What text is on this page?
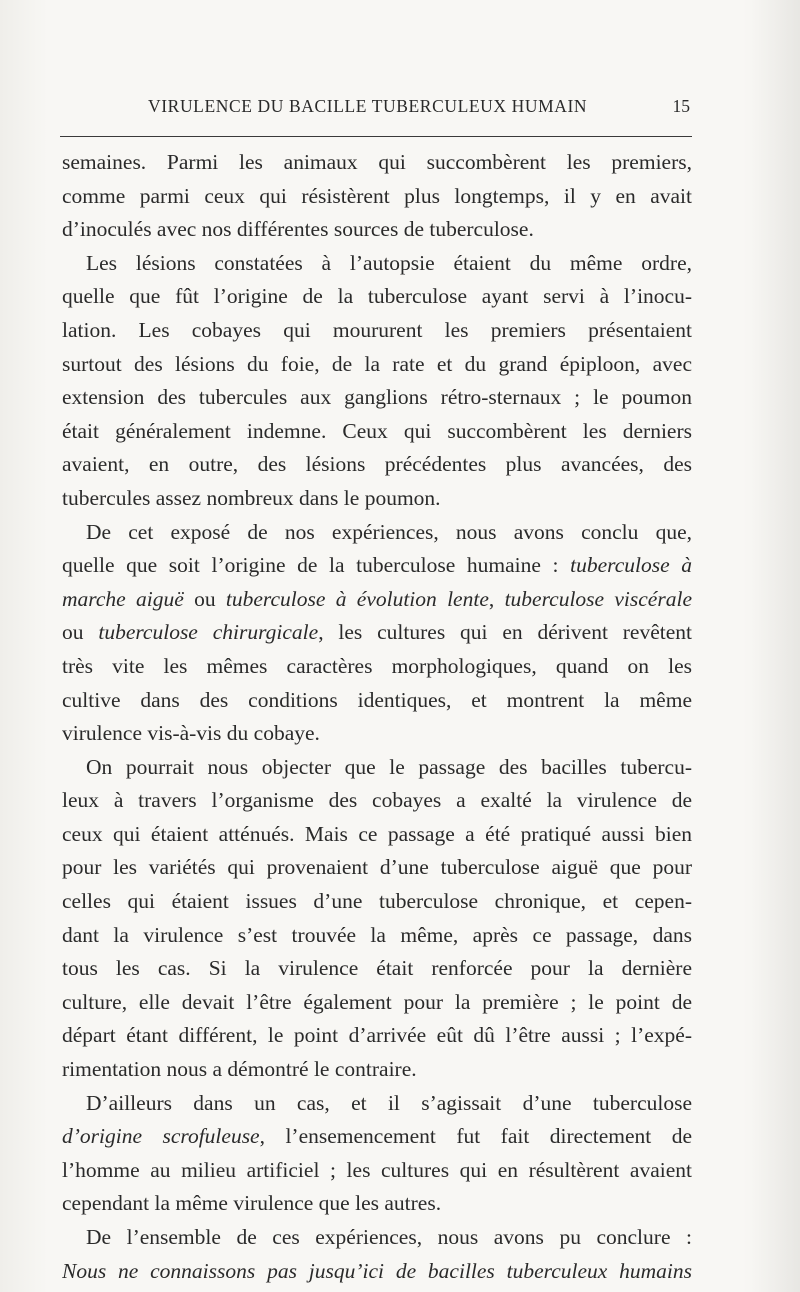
VIRULENCE DU BACILLE TUBERCULEUX HUMAIN	15
semaines. Parmi les animaux qui succombèrent les premiers,
comme parmi ceux qui résistèrent plus longtemps, il y en avait
d’inoculés avec nos différentes sources de tuberculose.
Les lésions constatées à l’autopsie étaient du même ordre,
quelle que fût l’origine de la tuberculose ayant servi à l’inocu-
lation. Les cobayes qui moururent les premiers présentaient
surtout des lésions du foie, de la rate et du grand épiploon, avec
extension des tubercules aux ganglions rétro-sternaux ; le poumon
était généralement indemne. Ceux qui succombèrent les derniers
avaient, en outre, des lésions précédentes plus avancées, des
tubercules assez nombreux dans le poumon.
De cet exposé de nos expériences, nous avons conclu que,
quelle que soit l’origine de la tuberculose humaine : tuberculose à
marche aiguë ou tuberculose à évolution lente, tuberculose viscérale
ou tuberculose chirurgicale, les cultures qui en dérivent revêtent
très vite les mêmes caractères morphologiques, quand on les
cultive dans des conditions identiques, et montrent la même
virulence vis-à-vis du cobaye.
On pourrait nous objecter que le passage des bacilles tubercu-
leux à travers l’organisme des cobayes a exalté la virulence de
ceux qui étaient atténués. Mais ce passage a été pratiqué aussi bien
pour les variétés qui provenaient d’une tuberculose aiguë que pour
celles qui étaient issues d’une tuberculose chronique, et cepen-
dant la virulence s’est trouvée la même, après ce passage, dans
tous les cas. Si la virulence était renforcée pour la dernière
culture, elle devait l’être également pour la première ; le point de
départ étant différent, le point d’arrivée eût dû l’être aussi ; l’expé-
rimentation nous a démontré le contraire.
D’ailleurs dans un cas, et il s’agissait d’une tuberculose
d’origine scrofuleuse, l’ensemencement fut fait directement de
l’homme au milieu artificiel ; les cultures qui en résultèrent avaient
cependant la même virulence que les autres.
De l’ensemble de ces expériences, nous avons pu conclure :
Nous ne connaissons pas jusqu’ici de bacilles tuberculeux humains
